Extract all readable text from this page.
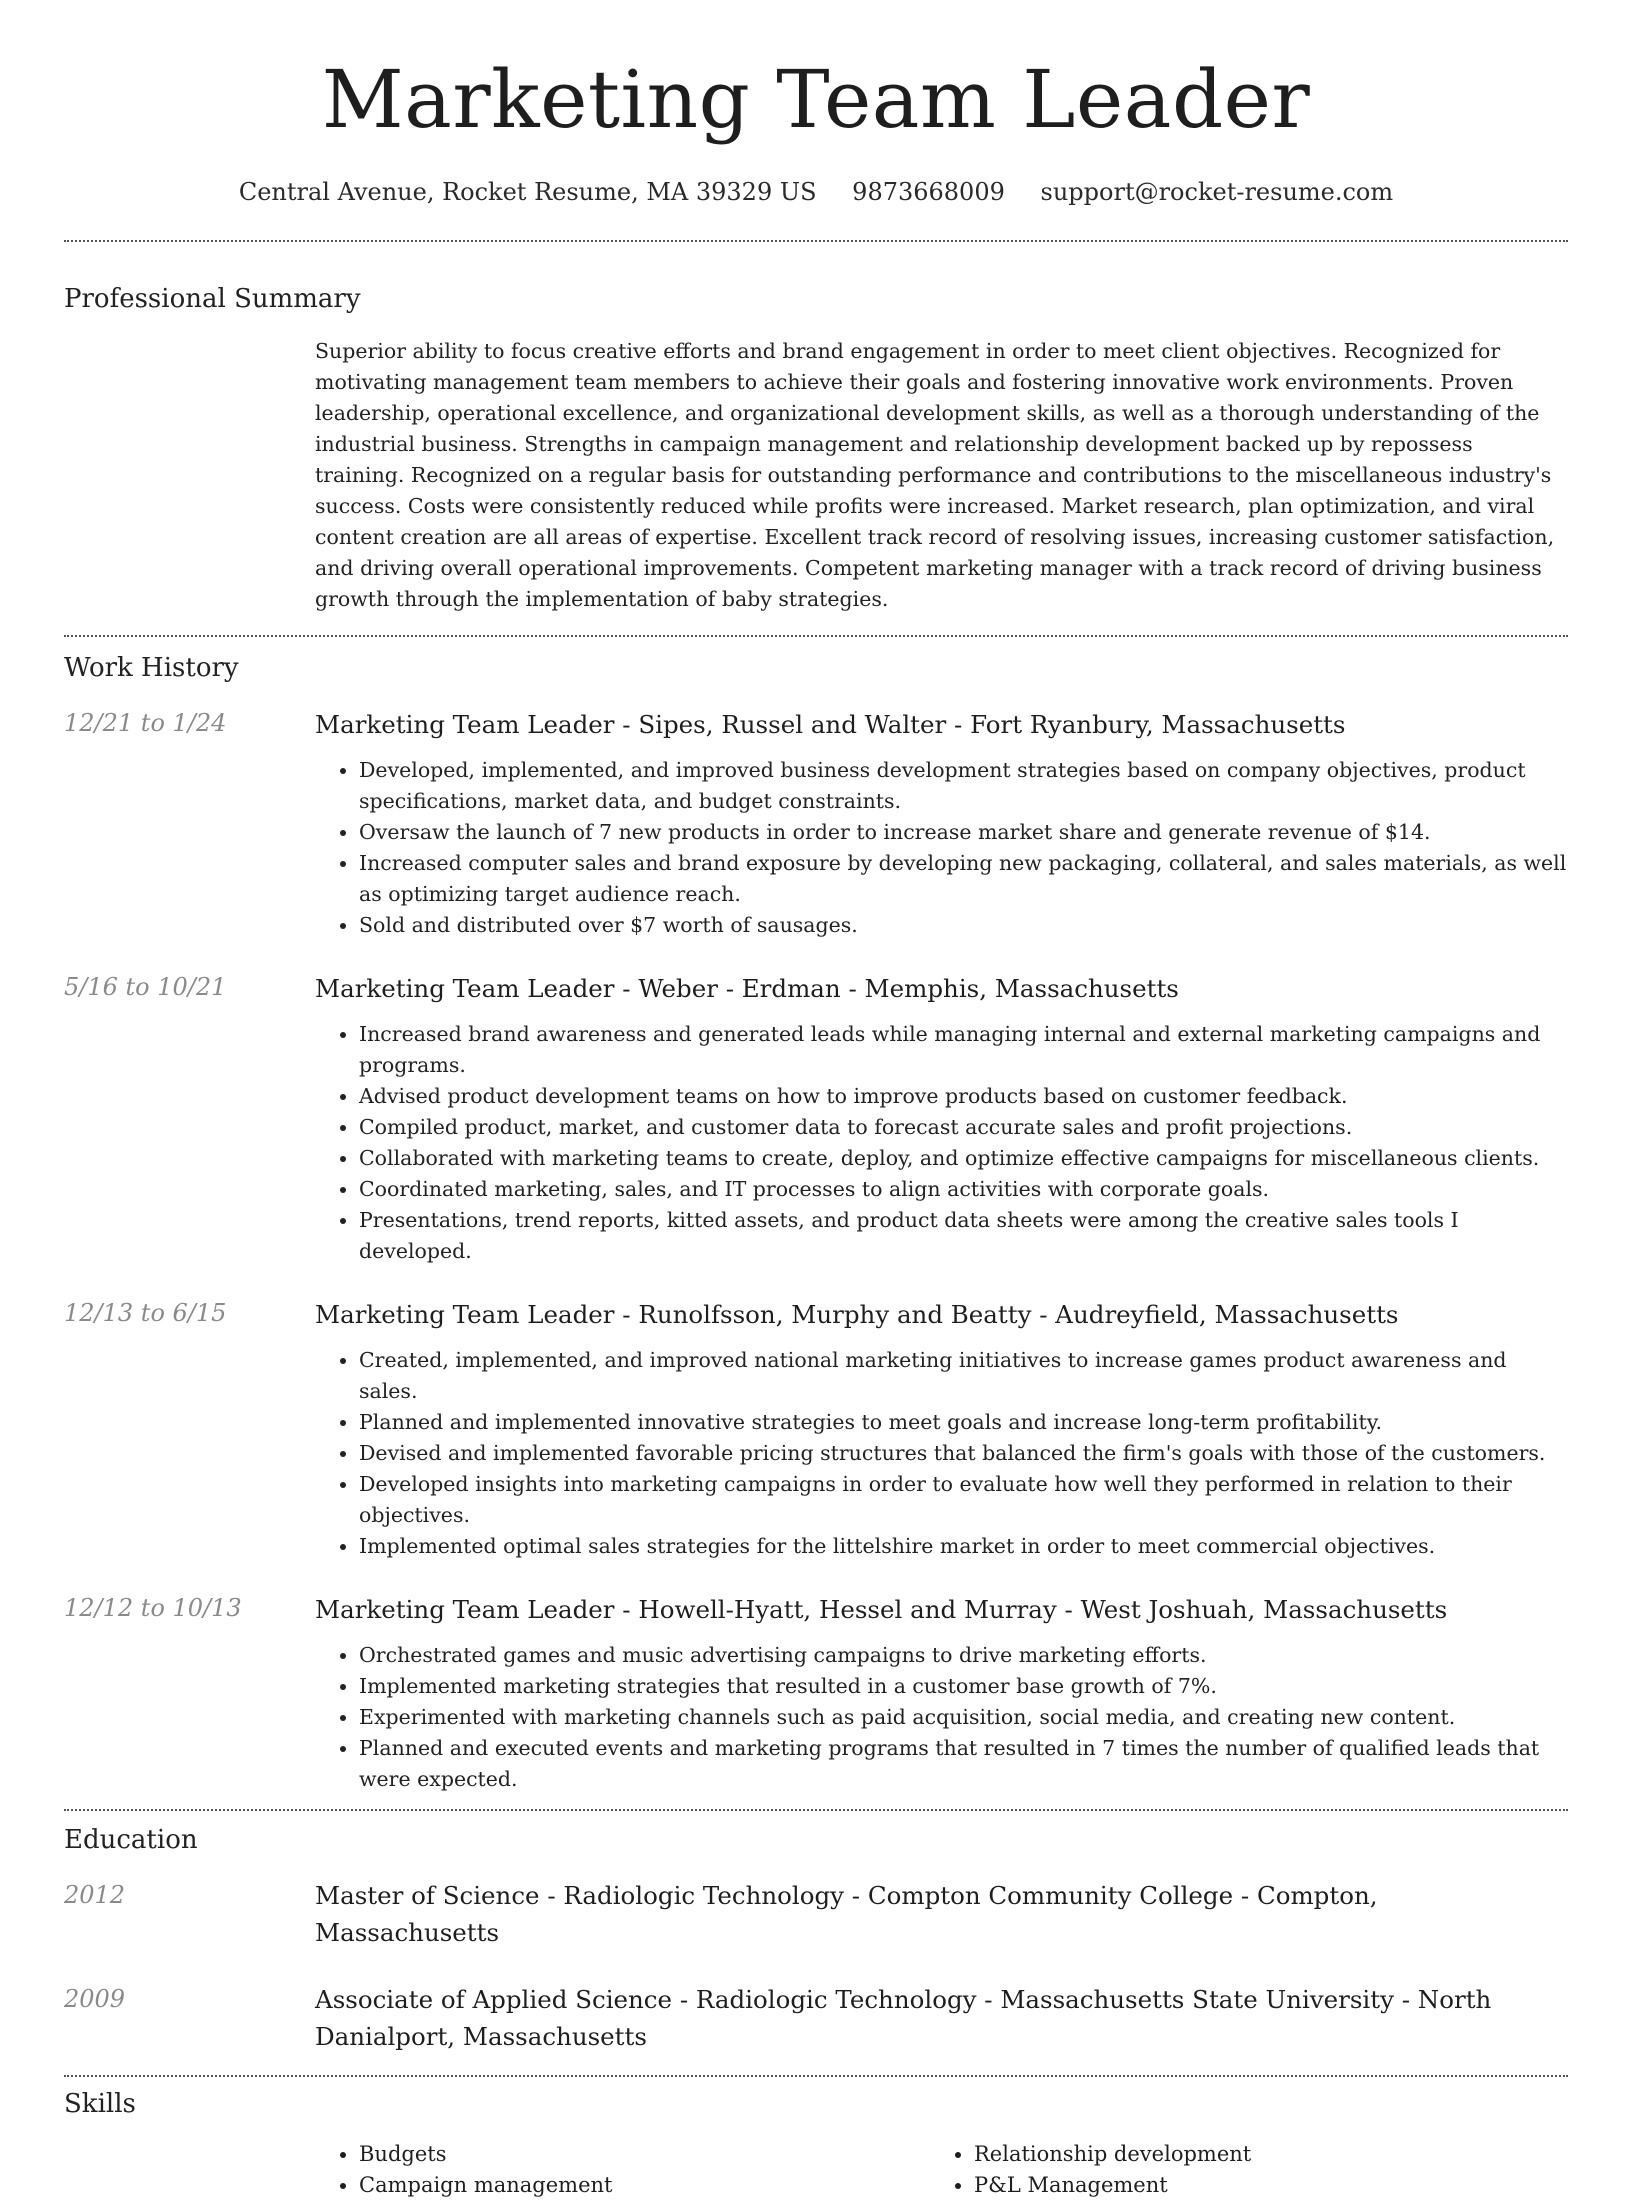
Marketing Team Leader
Central Avenue, Rocket Resume, MA 39329 US 9873668009 support@rocket-resume.com
Professional Summary
Superior ability to focus creative efforts and brand engagement in order to meet client objectives. Recognized for motivating management team members to achieve their goals and fostering innovative work environments. Proven leadership, operational excellence, and organizational development skills, as well as a thorough understanding of the industrial business. Strengths in campaign management and relationship development backed up by repossess training. Recognized on a regular basis for outstanding performance and contributions to the miscellaneous industry's success. Costs were consistently reduced while profits were increased. Market research, plan optimization, and viral content creation are all areas of expertise. Excellent track record of resolving issues, increasing customer satisfaction, and driving overall operational improvements. Competent marketing manager with a track record of driving business growth through the implementation of baby strategies.
Work History
12/21 to 1/24	Marketing Team Leader - Sipes, Russel and Walter - Fort Ryanbury, Massachusetts
• Developed, implemented, and improved business development strategies based on company objectives, product specifications, market data, and budget constraints.
• Oversaw the launch of 7 new products in order to increase market share and generate revenue of $14.
• Increased computer sales and brand exposure by developing new packaging, collateral, and sales materials, as well as optimizing target audience reach.
• Sold and distributed over $7 worth of sausages.
5/16 to 10/21	Marketing Team Leader - Weber - Erdman - Memphis, Massachusetts
• Increased brand awareness and generated leads while managing internal and external marketing campaigns and programs.
• Advised product development teams on how to improve products based on customer feedback.
• Compiled product, market, and customer data to forecast accurate sales and profit projections.
• Collaborated with marketing teams to create, deploy, and optimize effective campaigns for miscellaneous clients.
• Coordinated marketing, sales, and IT processes to align activities with corporate goals.
• Presentations, trend reports, kitted assets, and product data sheets were among the creative sales tools I developed.
12/13 to 6/15	Marketing Team Leader - Runolfsson, Murphy and Beatty - Audreyfield, Massachusetts
• Created, implemented, and improved national marketing initiatives to increase games product awareness and sales.
• Planned and implemented innovative strategies to meet goals and increase long-term profitability.
• Devised and implemented favorable pricing structures that balanced the firm's goals with those of the customers.
• Developed insights into marketing campaigns in order to evaluate how well they performed in relation to their objectives.
• Implemented optimal sales strategies for the littelshire market in order to meet commercial objectives.
12/12 to 10/13	Marketing Team Leader - Howell-Hyatt, Hessel and Murray - West Joshuah, Massachusetts
• Orchestrated games and music advertising campaigns to drive marketing efforts.
• Implemented marketing strategies that resulted in a customer base growth of 7%.
• Experimented with marketing channels such as paid acquisition, social media, and creating new content.
• Planned and executed events and marketing programs that resulted in 7 times the number of qualified leads that were expected.
Education
2012	Master of Science - Radiologic Technology - Compton Community College - Compton, Massachusetts
2009	Associate of Applied Science - Radiologic Technology - Massachusetts State University - North Danialport, Massachusetts
Skills
• Budgets
• Campaign management
• Relationship development
• P&L Management
